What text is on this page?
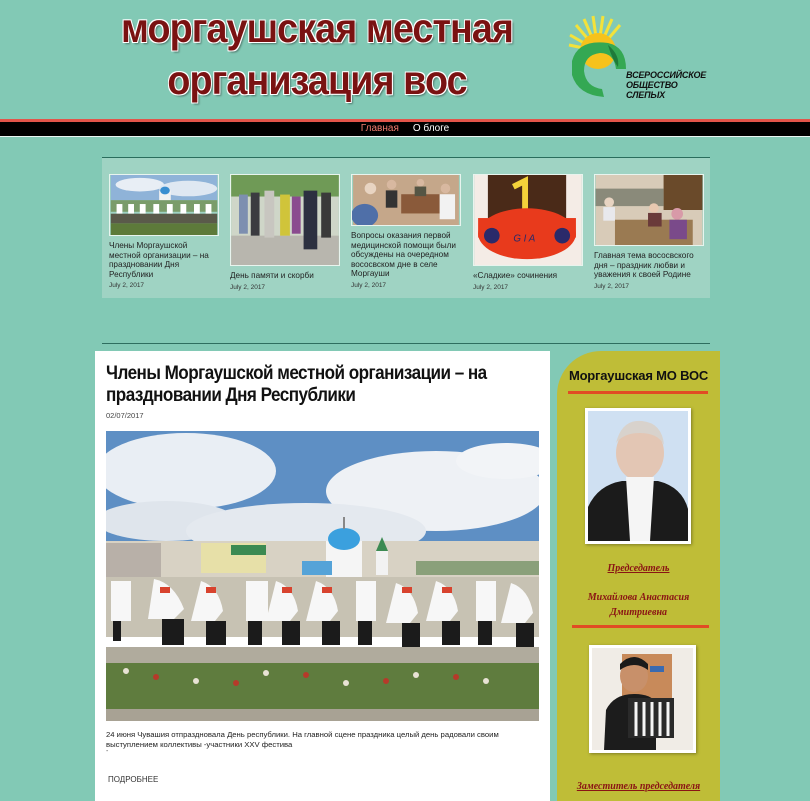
моргаушская местная организация вос	ВСЕРОССИЙСКОЕ
ОБЩЕСТВО
СЛЕПЫХ
Главная О блоге
Члены Моргаушской местной организации – на праздновании Дня Республики
July 2, 2017
День памяти и скорби
July 2, 2017
Вопросы оказания первой медицинской помощи были обсуждены на очередном вососвском дне в селе Моргауши
July 2, 2017
G I A
«Сладкие» сочинения
July 2, 2017
Главная тема вососвского дня – праздник любви и уважения к своей Родине
July 2, 2017
Члены Моргаушской местной организации – на праздновании Дня Республики
02/07/2017

24 июня Чувашия отпраздновала День республики. На главной сцене праздника целый день радовали своим выступлением коллективы -участники XXV фестива

-
ПОДРОБНЕЕ
Моргаушская МО ВОС
Председатель
Михайлова Анастасия
Дмитриевна
Заместитель председателя
